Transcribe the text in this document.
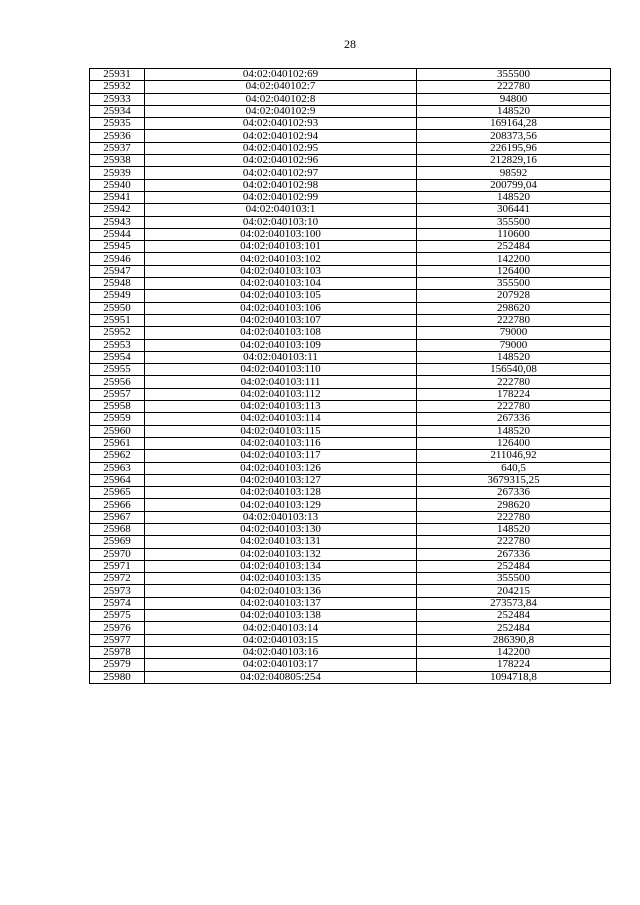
28
25931	04:02:040102:69	355500
25932	04:02:040102:7	222780
25933	04:02:040102:8	94800
25934	04:02:040102:9	148520
25935	04:02:040102:93	169164,28
25936	04:02:040102:94	208373,56
25937	04:02:040102:95	226195,96
25938	04:02:040102:96	212829,16
25939	04:02:040102:97	98592
25940	04:02:040102:98	200799,04
25941	04:02:040102:99	148520
25942	04:02:040103:1	306441
25943	04:02:040103:10	355500
25944	04:02:040103:100	110600
25945	04:02:040103:101	252484
25946	04:02:040103:102	142200
25947	04:02:040103:103	126400
25948	04:02:040103:104	355500
25949	04:02:040103:105	207928
25950	04:02:040103:106	298620
25951	04:02:040103:107	222780
25952	04:02:040103:108	79000
25953	04:02:040103:109	79000
25954	04:02:040103:11	148520
25955	04:02:040103:110	156540,08
25956	04:02:040103:111	222780
25957	04:02:040103:112	178224
25958	04:02:040103:113	222780
25959	04:02:040103:114	267336
25960	04:02:040103:115	148520
25961	04:02:040103:116	126400
25962	04:02:040103:117	211046,92
25963	04:02:040103:126	640,5
25964	04:02:040103:127	3679315,25
25965	04:02:040103:128	267336
25966	04:02:040103:129	298620
25967	04:02:040103:13	222780
25968	04:02:040103:130	148520
25969	04:02:040103:131	222780
25970	04:02:040103:132	267336
25971	04:02:040103:134	252484
25972	04:02:040103:135	355500
25973	04:02:040103:136	204215
25974	04:02:040103:137	273573,84
25975	04:02:040103:138	252484
25976	04:02:040103:14	252484
25977	04:02:040103:15	286390,8
25978	04:02:040103:16	142200
25979	04:02:040103:17	178224
25980	04:02:040805:254	1094718,8
